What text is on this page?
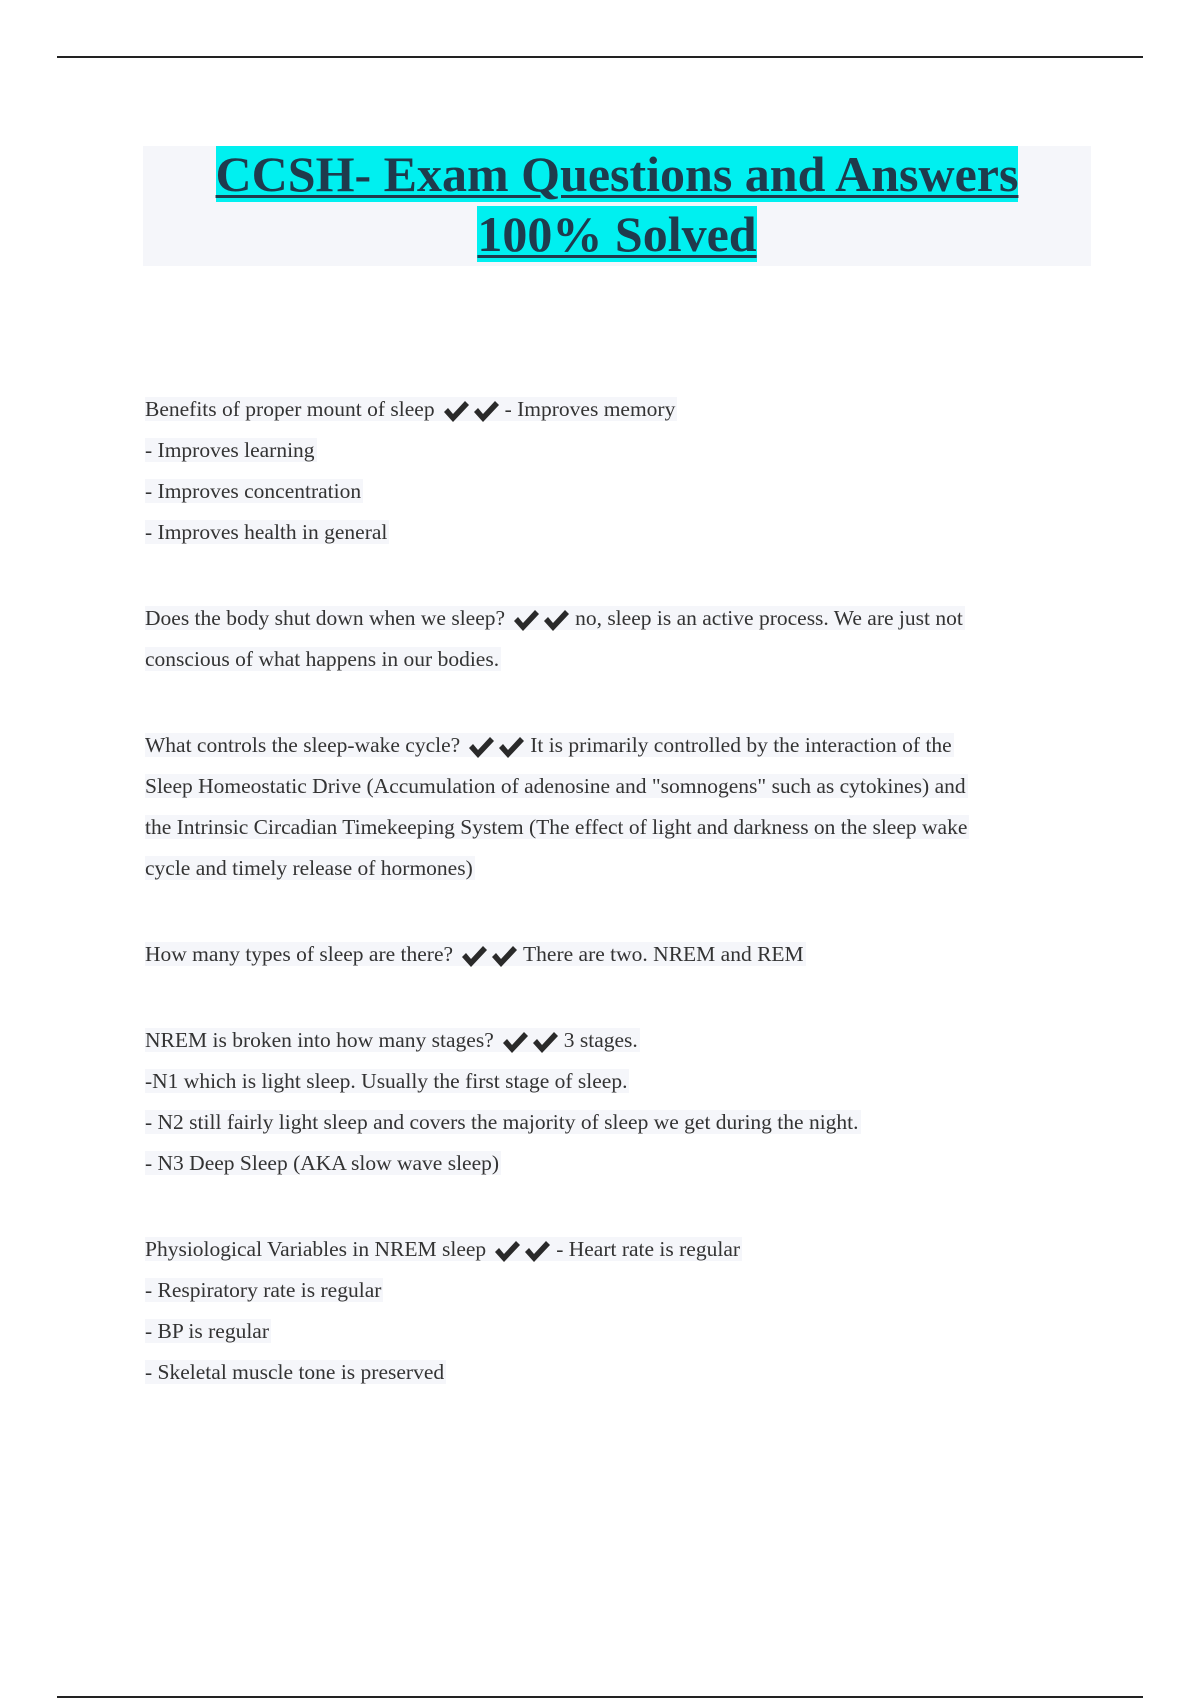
CCSH- Exam Questions and Answers
100% Solved
Benefits of proper mount of sleep	- Improves memory
- Improves learning
- Improves concentration
- Improves health in general
Does the body shut down when we sleep?	no, sleep is an active process. We are just not
conscious of what happens in our bodies.
What controls the sleep-wake cycle?	It is primarily controlled by the interaction of the
Sleep Homeostatic Drive (Accumulation of adenosine and "somnogens" such as cytokines) and
the Intrinsic Circadian Timekeeping System (The effect of light and darkness on the sleep wake
cycle and timely release of hormones)
How many types of sleep are there?	There are two. NREM and REM
NREM is broken into how many stages?	3 stages.
-N1 which is light sleep. Usually the first stage of sleep.
- N2 still fairly light sleep and covers the majority of sleep we get during the night.
- N3 Deep Sleep (AKA slow wave sleep)
Physiological Variables in NREM sleep	- Heart rate is regular
- Respiratory rate is regular
- BP is regular
- Skeletal muscle tone is preserved
